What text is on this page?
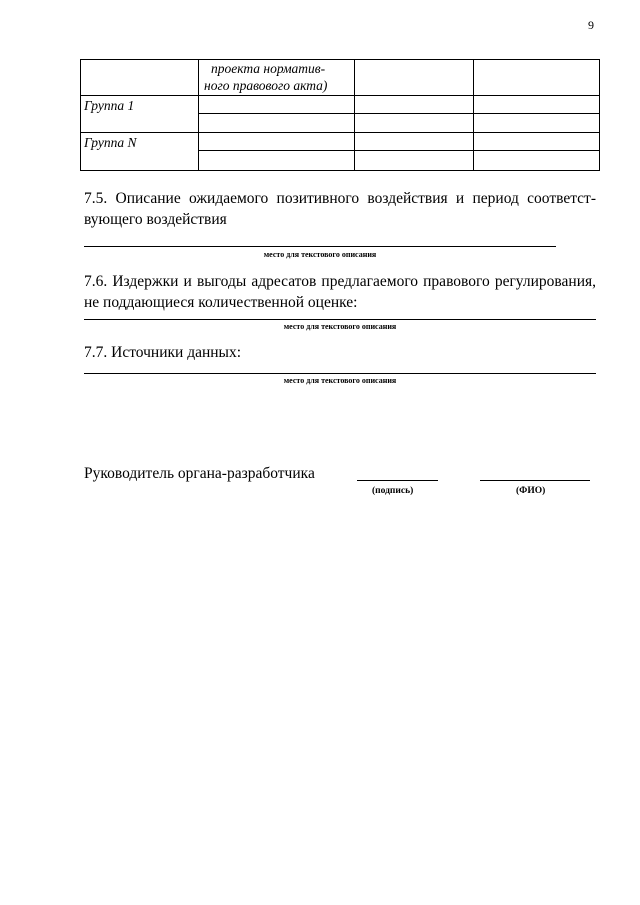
9
проекта норматив-
ного правового акта)
Группа 1
Группа N
7.5. Описание ожидаемого позитивного воздействия и период соответст-вующего воздействия
место для текстового описания
7.6. Издержки и выгоды адресатов предлагаемого правового регулирования, не поддающиеся количественной оценке:
место для текстового описания
7.7. Источники данных:
место для текстового описания
Руководитель органа-разработчика
(подпись)	(ФИО)
